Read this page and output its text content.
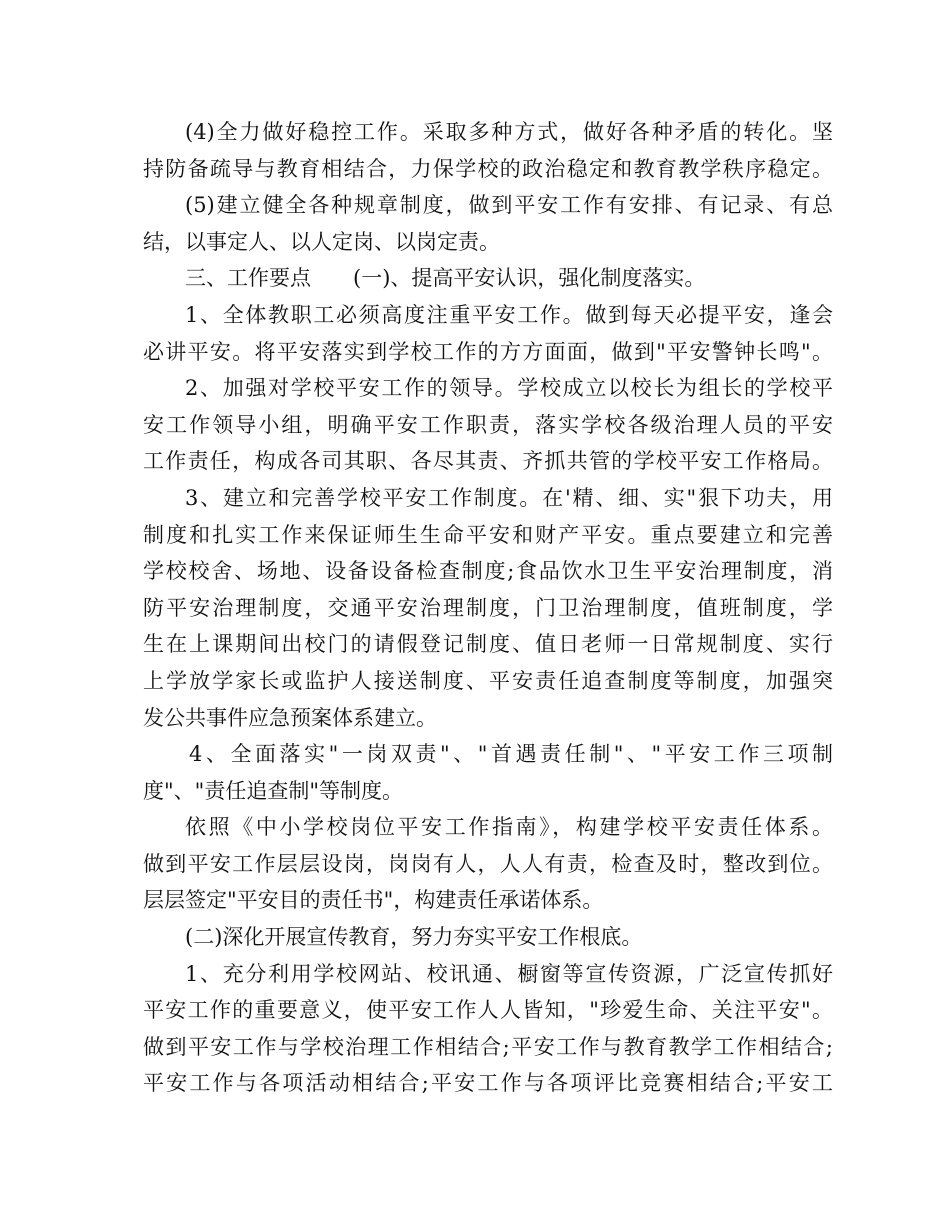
(4)全力做好稳控工作。采取多种方式，做好各种矛盾的转化。坚
持防备疏导与教育相结合，力保学校的政治稳定和教育教学秩序稳定。
(5)建立健全各种规章制度，做到平安工作有安排、有记录、有总
结，以事定人、以人定岗、以岗定责。
三、工作要点　　(一)、提高平安认识，强化制度落实。
1、全体教职工必须高度注重平安工作。做到每天必提平安，逢会
必讲平安。将平安落实到学校工作的方方面面，做到"平安警钟长鸣"。
2、加强对学校平安工作的领导。学校成立以校长为组长的学校平
安工作领导小组，明确平安工作职责，落实学校各级治理人员的平安
工作责任，构成各司其职、各尽其责、齐抓共管的学校平安工作格局。
3、建立和完善学校平安工作制度。在'精、细、实"狠下功夫，用
制度和扎实工作来保证师生生命平安和财产平安。重点要建立和完善
学校校舍、场地、设备设备检查制度;食品饮水卫生平安治理制度，消
防平安治理制度，交通平安治理制度，门卫治理制度，值班制度，学
生在上课期间出校门的请假登记制度、值日老师一日常规制度、实行
上学放学家长或监护人接送制度、平安责任追查制度等制度，加强突
发公共事件应急预案体系建立。
4、全面落实"一岗双责"、"首遇责任制"、"平安工作三项制
度"、"责任追查制"等制度。
依照《中小学校岗位平安工作指南》，构建学校平安责任体系。
做到平安工作层层设岗，岗岗有人，人人有责，检查及时，整改到位。
层层签定"平安目的责任书"，构建责任承诺体系。
(二)深化开展宣传教育，努力夯实平安工作根底。
1、充分利用学校网站、校讯通、橱窗等宣传资源，广泛宣传抓好
平安工作的重要意义，使平安工作人人皆知，"珍爱生命、关注平安"。
做到平安工作与学校治理工作相结合;平安工作与教育教学工作相结合;
平安工作与各项活动相结合;平安工作与各项评比竞赛相结合;平安工
